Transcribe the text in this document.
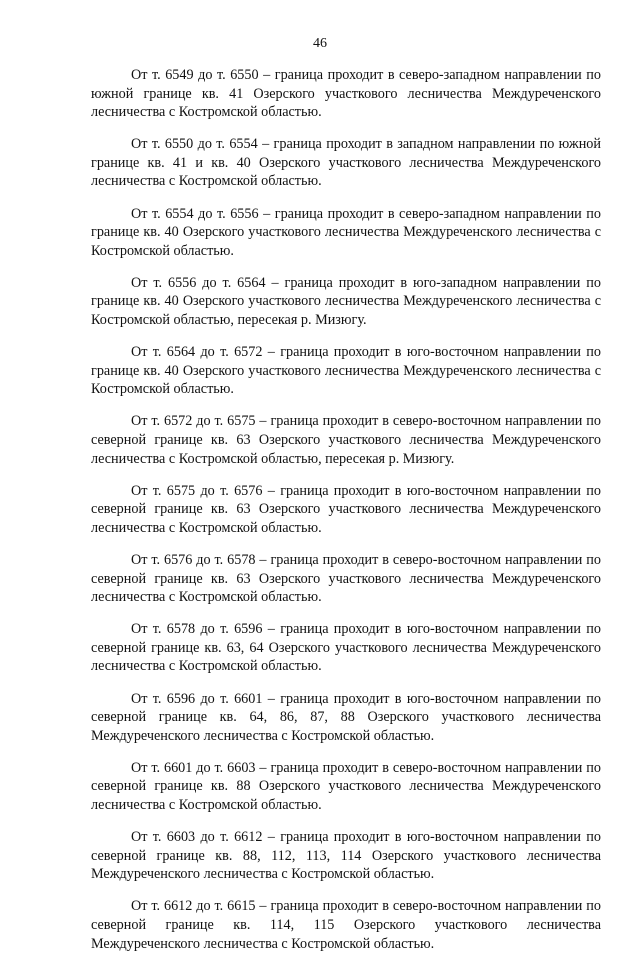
46

От т. 6549 до т. 6550 – граница проходит в северо-западном направлении по южной границе кв. 41 Озерского участкового лесничества Междуреченского лесничества с Костромской областью.

От т. 6550 до т. 6554 – граница проходит в западном направлении по южной границе кв. 41 и кв. 40 Озерского участкового лесничества Междуреченского лесничества с Костромской областью.

От т. 6554 до т. 6556 – граница проходит в северо-западном направлении по границе кв. 40 Озерского участкового лесничества Междуреченского лесничества с Костромской областью.

От т. 6556 до т. 6564 – граница проходит в юго-западном направлении по границе кв. 40 Озерского участкового лесничества Междуреченского лесничества с Костромской областью, пересекая р. Мизюгу.

От т. 6564 до т. 6572 – граница проходит в юго-восточном направлении по границе кв. 40 Озерского участкового лесничества Междуреченского лесничества с Костромской областью.

От т. 6572 до т. 6575 – граница проходит в северо-восточном направлении по северной границе кв. 63 Озерского участкового лесничества Междуреченского лесничества с Костромской областью, пересекая р. Мизюгу.

От т. 6575 до т. 6576 – граница проходит в юго-восточном направлении по северной границе кв. 63 Озерского участкового лесничества Междуреченского лесничества с Костромской областью.

От т. 6576 до т. 6578 – граница проходит в северо-восточном направлении по северной границе кв. 63 Озерского участкового лесничества Междуреченского лесничества с Костромской областью.

От т. 6578 до т. 6596 – граница проходит в юго-восточном направлении по северной границе кв. 63, 64 Озерского участкового лесничества Междуреченского лесничества с Костромской областью.

От т. 6596 до т. 6601 – граница проходит в юго-восточном направлении по северной границе кв. 64, 86, 87, 88 Озерского участкового лесничества Междуреченского лесничества с Костромской областью.

От т. 6601 до т. 6603 – граница проходит в северо-восточном направлении по северной границе кв. 88 Озерского участкового лесничества Междуреченского лесничества с Костромской областью.

От т. 6603 до т. 6612 – граница проходит в юго-восточном направлении по северной границе кв. 88, 112, 113, 114 Озерского участкового лесничества Междуреченского лесничества с Костромской областью.

От т. 6612 до т. 6615 – граница проходит в северо-восточном направлении по северной границе кв. 114, 115 Озерского участкового лесничества Междуреченского лесничества с Костромской областью.
